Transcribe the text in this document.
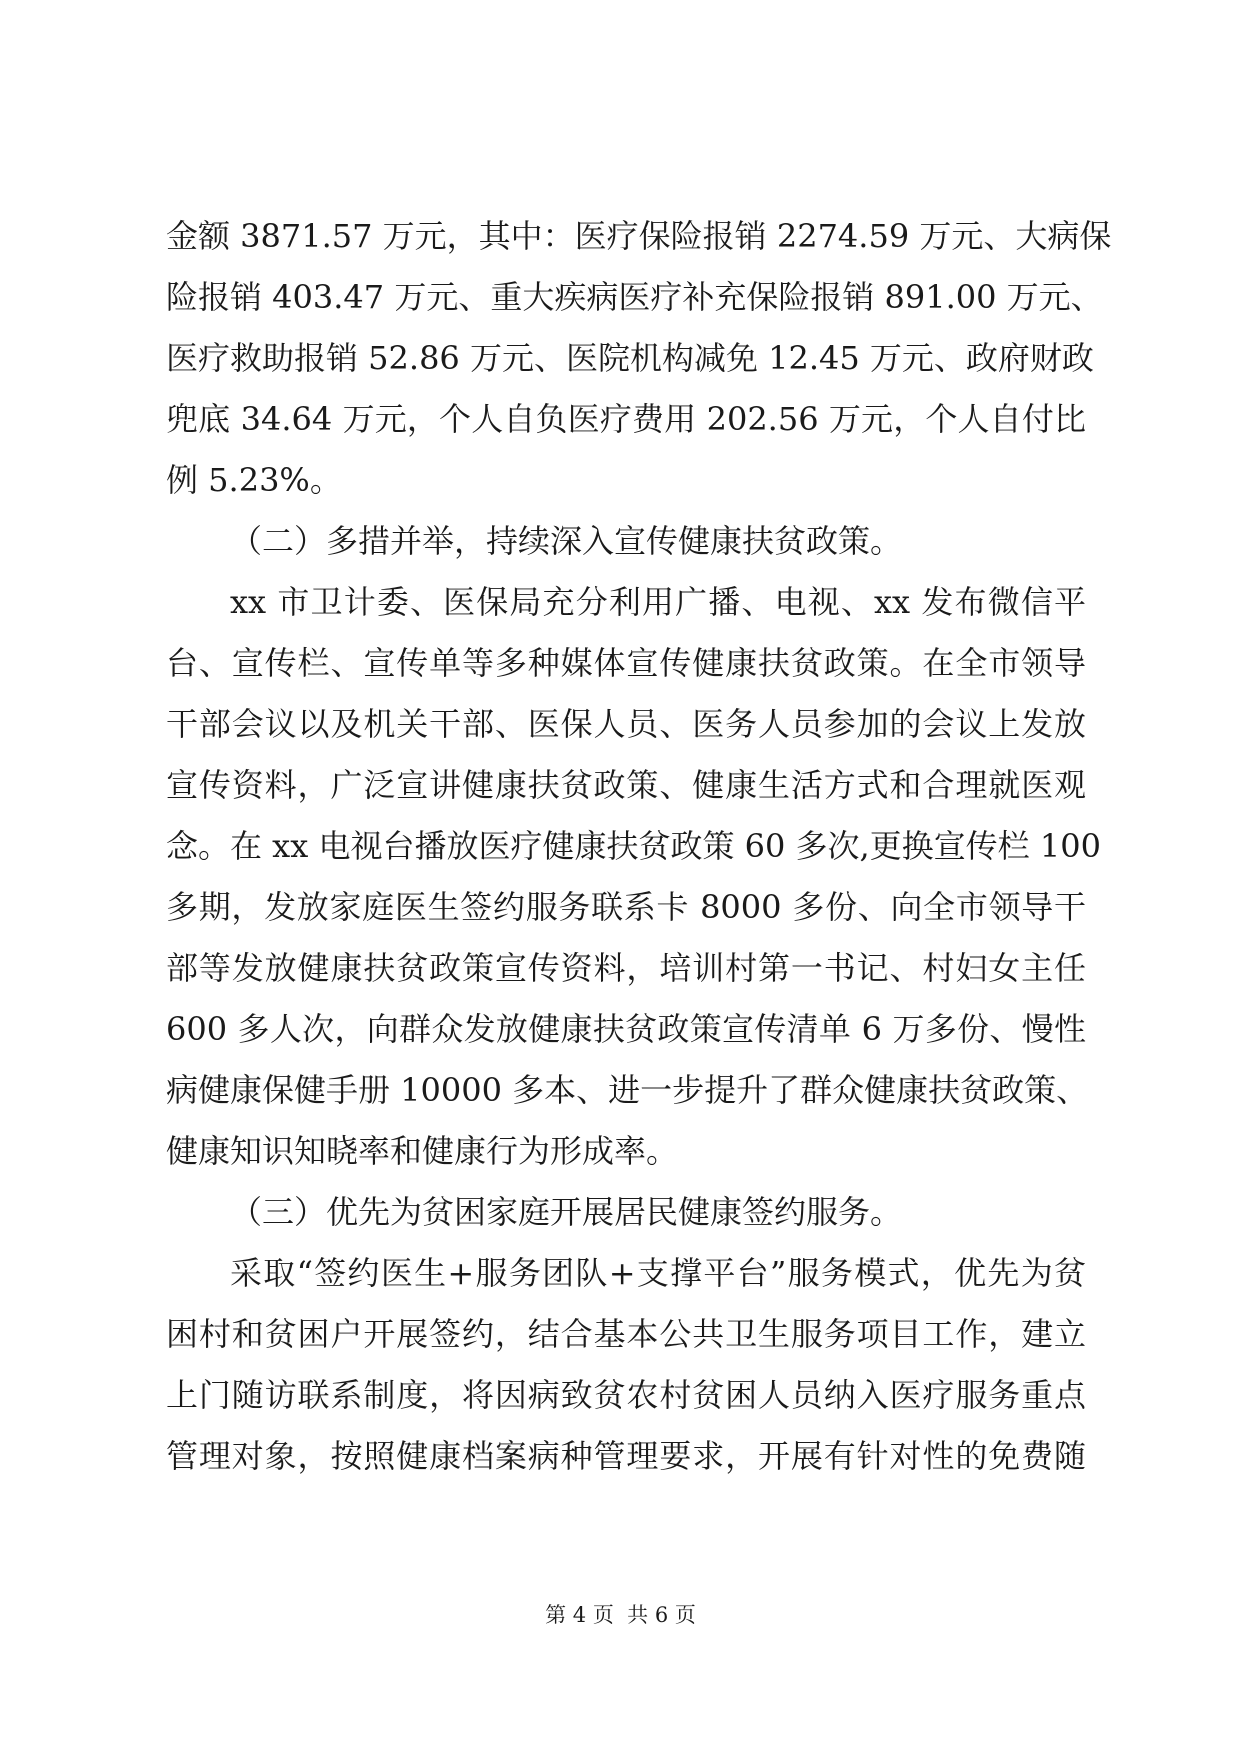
金额 3871.57 万元，其中：医疗保险报销 2274.59 万元、大病保
险报销 403.47 万元、重大疾病医疗补充保险报销 891.00 万元、
医疗救助报销 52.86 万元、医院机构减免 12.45 万元、政府财政
兜底 34.64 万元，个人自负医疗费用 202.56 万元，个人自付比
例 5.23%。
（二）多措并举，持续深入宣传健康扶贫政策。
xx 市卫计委、医保局充分利用广播、电视、xx 发布微信平
台、宣传栏、宣传单等多种媒体宣传健康扶贫政策。在全市领导
干部会议以及机关干部、医保人员、医务人员参加的会议上发放
宣传资料，广泛宣讲健康扶贫政策、健康生活方式和合理就医观
念。在 xx 电视台播放医疗健康扶贫政策 60 多次,更换宣传栏 100
多期，发放家庭医生签约服务联系卡 8000 多份、向全市领导干
部等发放健康扶贫政策宣传资料，培训村第一书记、村妇女主任
600 多人次，向群众发放健康扶贫政策宣传清单 6 万多份、慢性
病健康保健手册 10000 多本、进一步提升了群众健康扶贫政策、
健康知识知晓率和健康行为形成率。
（三）优先为贫困家庭开展居民健康签约服务。
采取“签约医生+服务团队+支撑平台”服务模式，优先为贫
困村和贫困户开展签约，结合基本公共卫生服务项目工作，建立
上门随访联系制度，将因病致贫农村贫困人员纳入医疗服务重点
管理对象，按照健康档案病种管理要求，开展有针对性的免费随
第 4 页  共 6 页
